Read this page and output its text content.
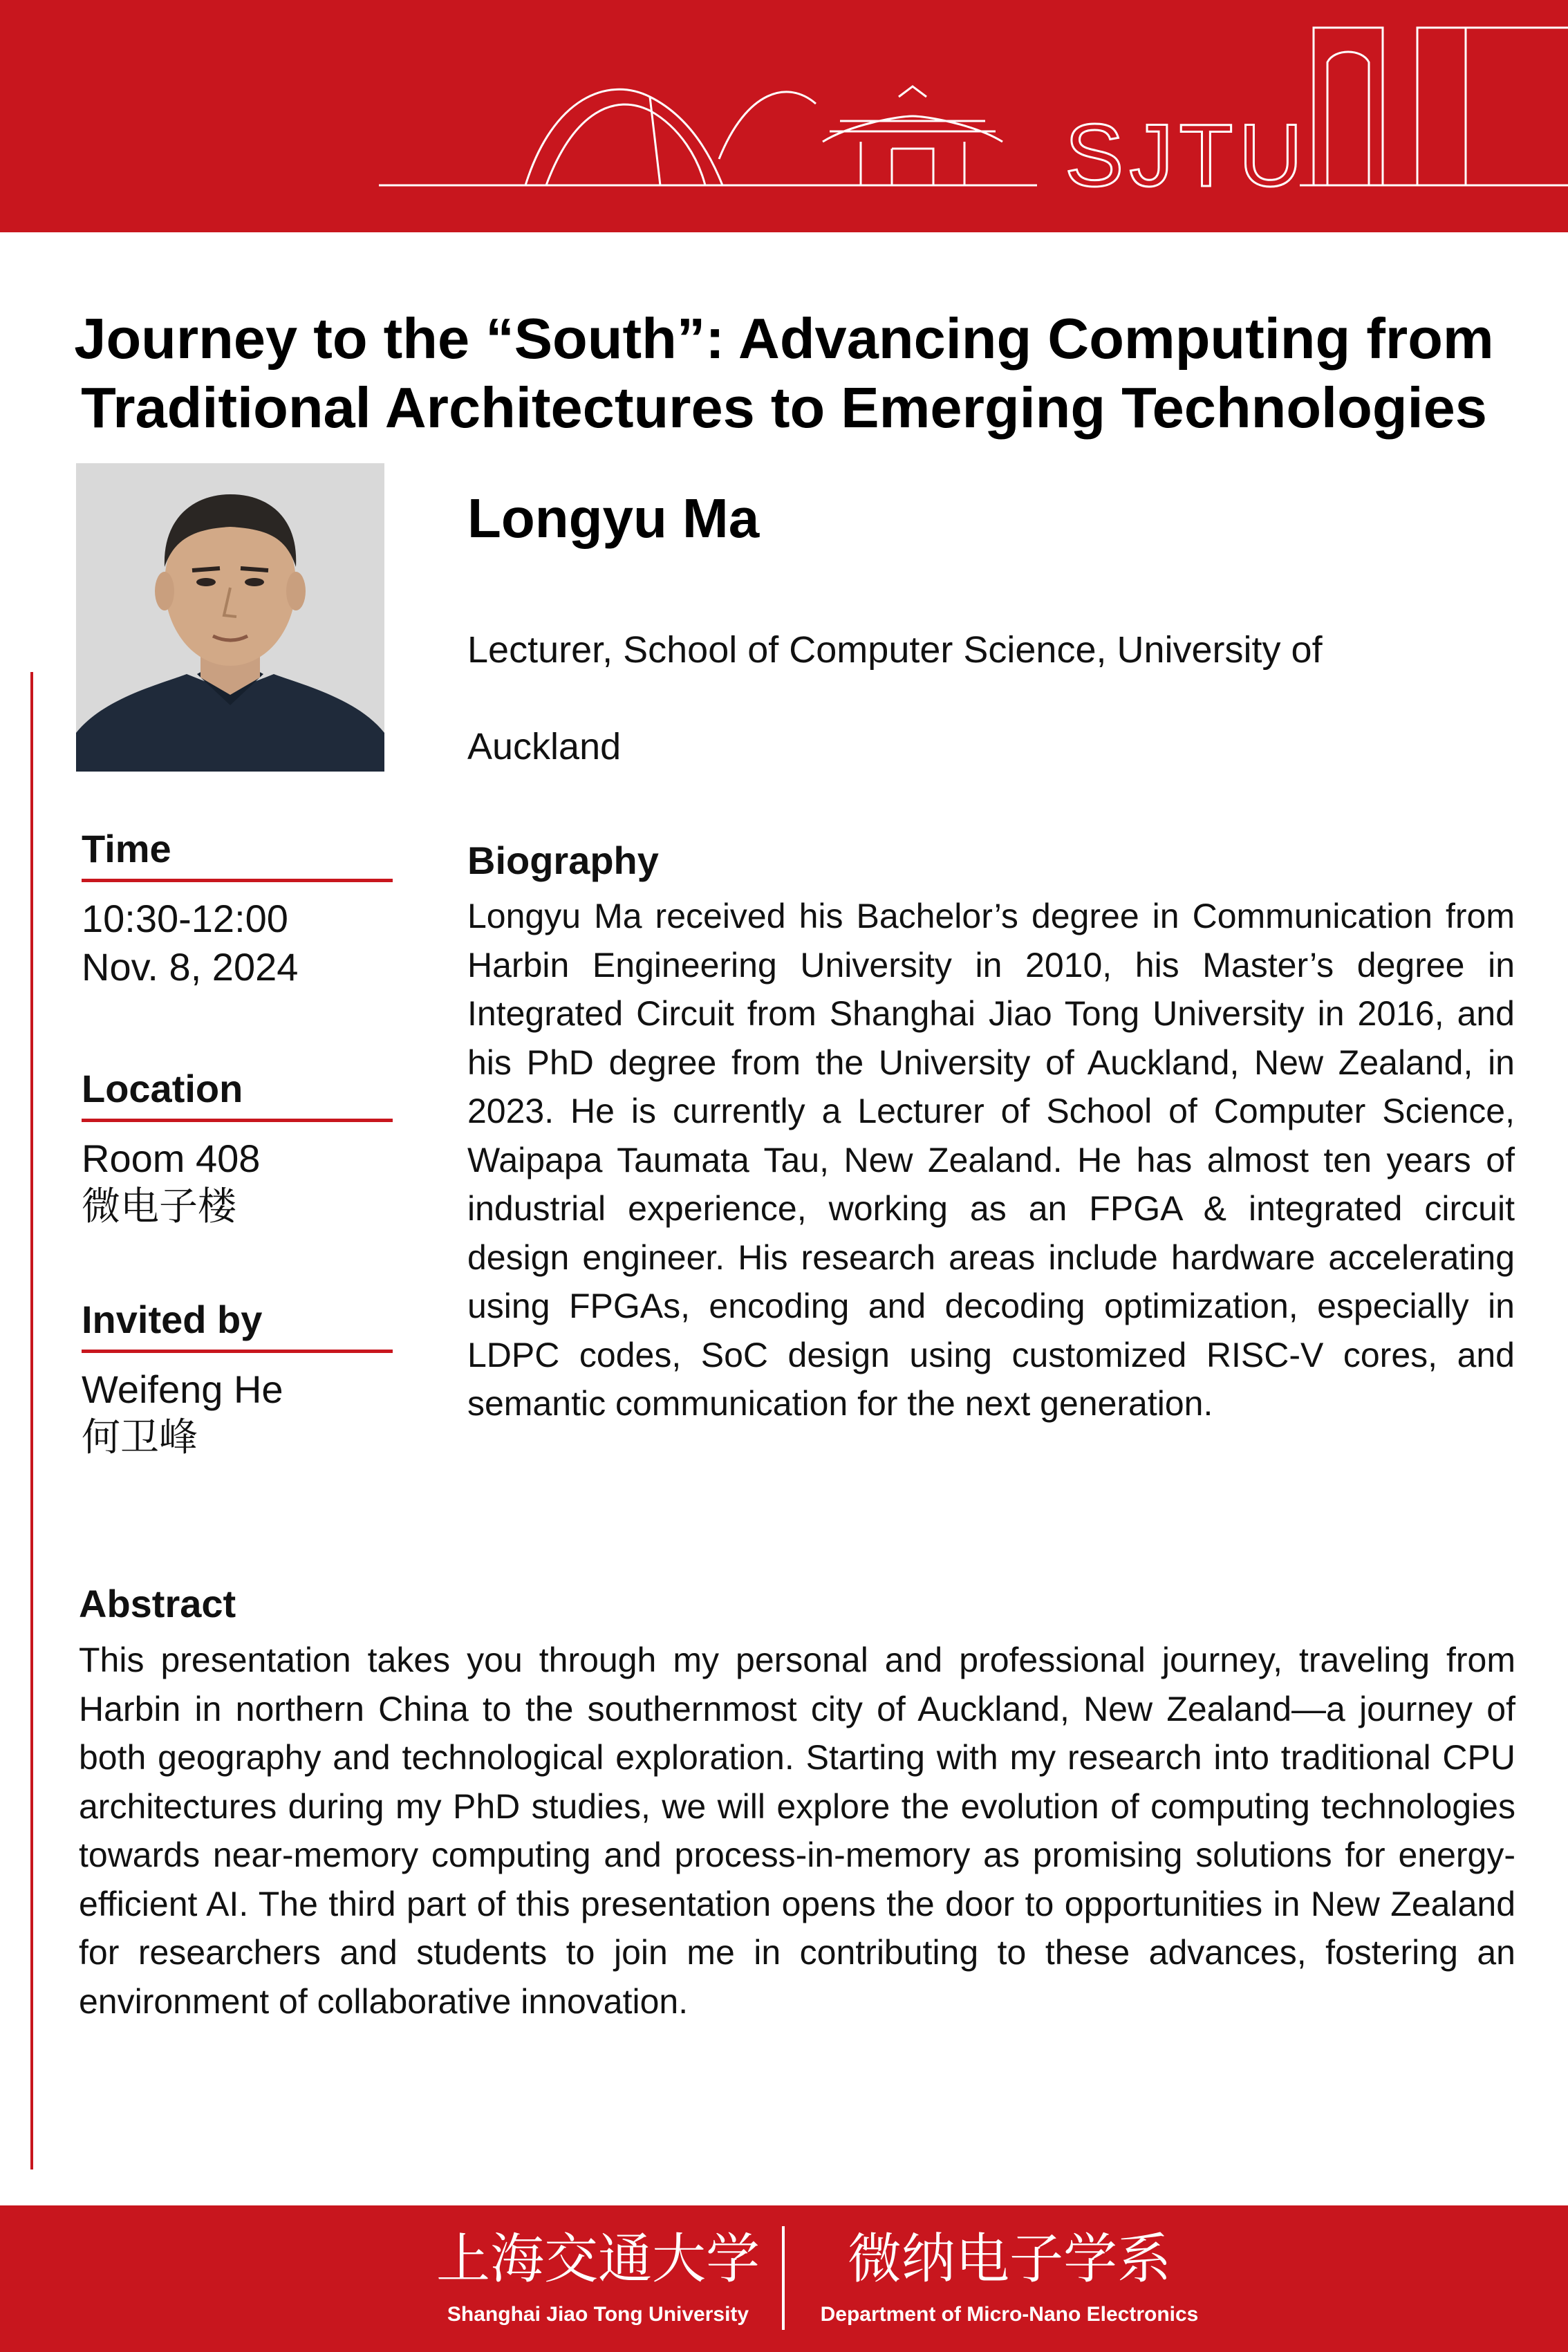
SJTU
Journey to the “South”: Advancing Computing from
Traditional Architectures to Emerging Technologies
Longyu Ma
Lecturer, School of Computer Science, University of
Auckland
Time
10:30-12:00
Nov. 8, 2024
Location
Room 408
微电子楼
Invited by
Weifeng He
何卫峰
Biography
Longyu Ma received his Bachelor’s degree in Communication from Harbin Engineering University in 2010, his Master’s degree in Integrated Circuit from Shanghai Jiao Tong University in 2016, and his PhD degree from the University of Auckland, New Zealand, in 2023. He is currently a Lecturer of School of Computer Science, Waipapa Taumata Tau, New Zealand. He has almost ten years of industrial experience, working as an FPGA & integrated circuit design engineer. His research areas include hardware accelerating using FPGAs, encoding and decoding optimization, especially in LDPC codes, SoC design using customized RISC-V cores, and semantic communication for the next generation.
Abstract
This presentation takes you through my personal and professional journey, traveling from Harbin in northern China to the southernmost city of Auckland, New Zealand—a journey of both geography and technological exploration. Starting with my research into traditional CPU architectures during my PhD studies, we will explore the evolution of computing technologies towards near-memory computing and process-in-memory as promising solutions for energy-efficient AI. The third part of this presentation opens the door to opportunities in New Zealand for researchers and students to join me in contributing to these advances, fostering an environment of collaborative innovation.
上海交通大学
Shanghai Jiao Tong University
微纳电子学系
Department of Micro-Nano Electronics
